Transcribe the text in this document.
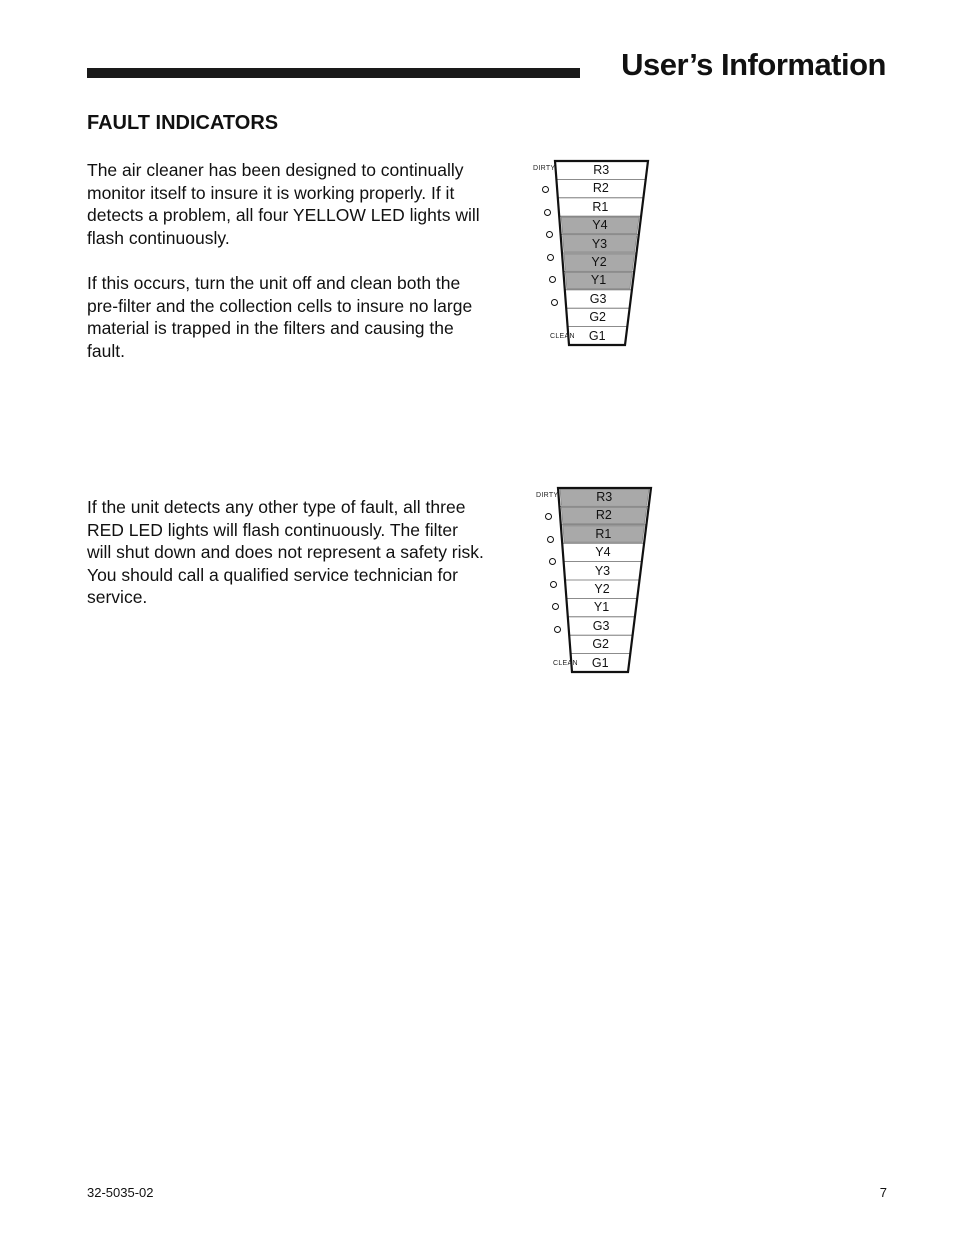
User’s Information
FAULT INDICATORS

The air cleaner has been designed to continually monitor itself to insure it is working properly. If it detects a problem, all four YELLOW LED lights will flash continuously.

If this occurs, turn the unit off and clean both the pre-filter and the collection cells to insure no large material is trapped in the filters and causing the fault.

If the unit detects any other type of fault, all three RED LED lights will flash continuously. The filter will shut down and does not represent a safety risk. You should call a qualified service technician for service.

R3
R2
R1
Y4
Y3
Y2
Y1
G3
G2
G1
DIRTY
CLEAN
R3
R2
R1
Y4
Y3
Y2
Y1
G3
G2
G1
DIRTY
CLEAN
32-5035-02	7
